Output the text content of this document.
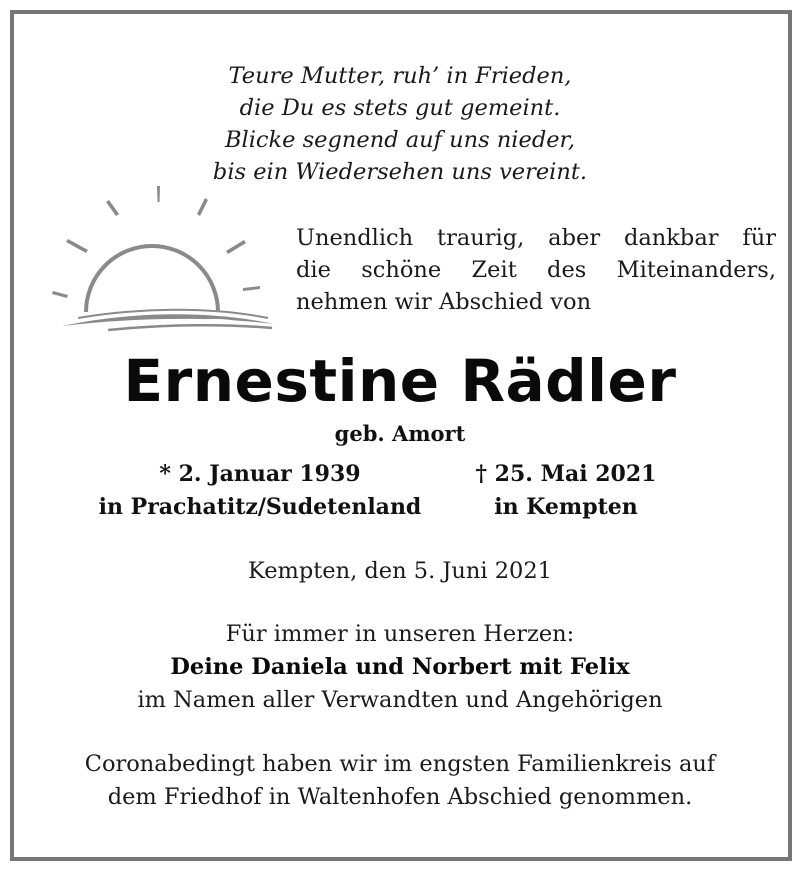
Teure Mutter, ruh’ in Frieden,
die Du es stets gut gemeint.
Blicke segnend auf uns nieder,
bis ein Wiedersehen uns vereint.
Unendlich traurig, aber dankbar für
die schöne Zeit des Miteinanders,
nehmen wir Abschied von
Ernestine Rädler
geb. Amort
* 2. Januar 1939
in Prachatitz/Sudetenland
† 25. Mai 2021
in Kempten
Kempten, den 5. Juni 2021
Für immer in unseren Herzen:
Deine Daniela und Norbert mit Felix
im Namen aller Verwandten und Angehörigen
Coronabedingt haben wir im engsten Familienkreis auf
dem Friedhof in Waltenhofen Abschied genommen.
